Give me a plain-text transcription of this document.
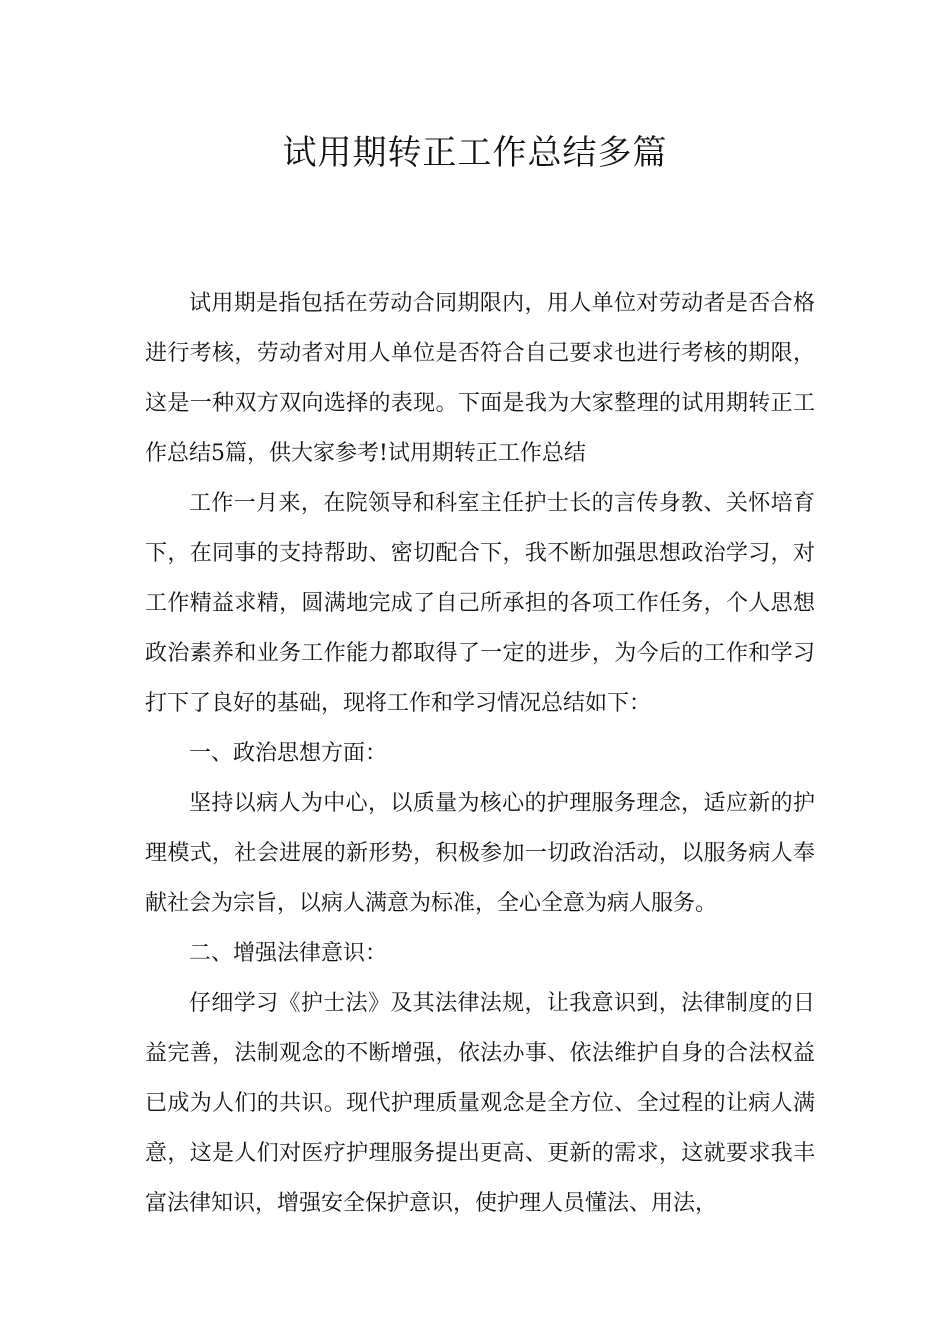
试用期转正工作总结多篇

试用期是指包括在劳动合同期限内，用人单位对劳动者是否合格进行考核，劳动者对用人单位是否符合自己要求也进行考核的期限，这是一种双方双向选择的表现。下面是我为大家整理的试用期转正工作总结5篇，供大家参考!试用期转正工作总结

工作一月来，在院领导和科室主任护士长的言传身教、关怀培育下，在同事的支持帮助、密切配合下，我不断加强思想政治学习，对工作精益求精，圆满地完成了自己所承担的各项工作任务，个人思想政治素养和业务工作能力都取得了一定的进步，为今后的工作和学习打下了良好的基础，现将工作和学习情况总结如下：

一、政治思想方面：

坚持以病人为中心，以质量为核心的护理服务理念，适应新的护理模式，社会进展的新形势，积极参加一切政治活动，以服务病人奉献社会为宗旨，以病人满意为标准，全心全意为病人服务。

二、增强法律意识：

仔细学习《护士法》及其法律法规，让我意识到，法律制度的日益完善，法制观念的不断增强，依法办事、依法维护自身的合法权益已成为人们的共识。现代护理质量观念是全方位、全过程的让病人满意，这是人们对医疗护理服务提出更高、更新的需求，这就要求我丰富法律知识，增强安全保护意识，使护理人员懂法、用法，
